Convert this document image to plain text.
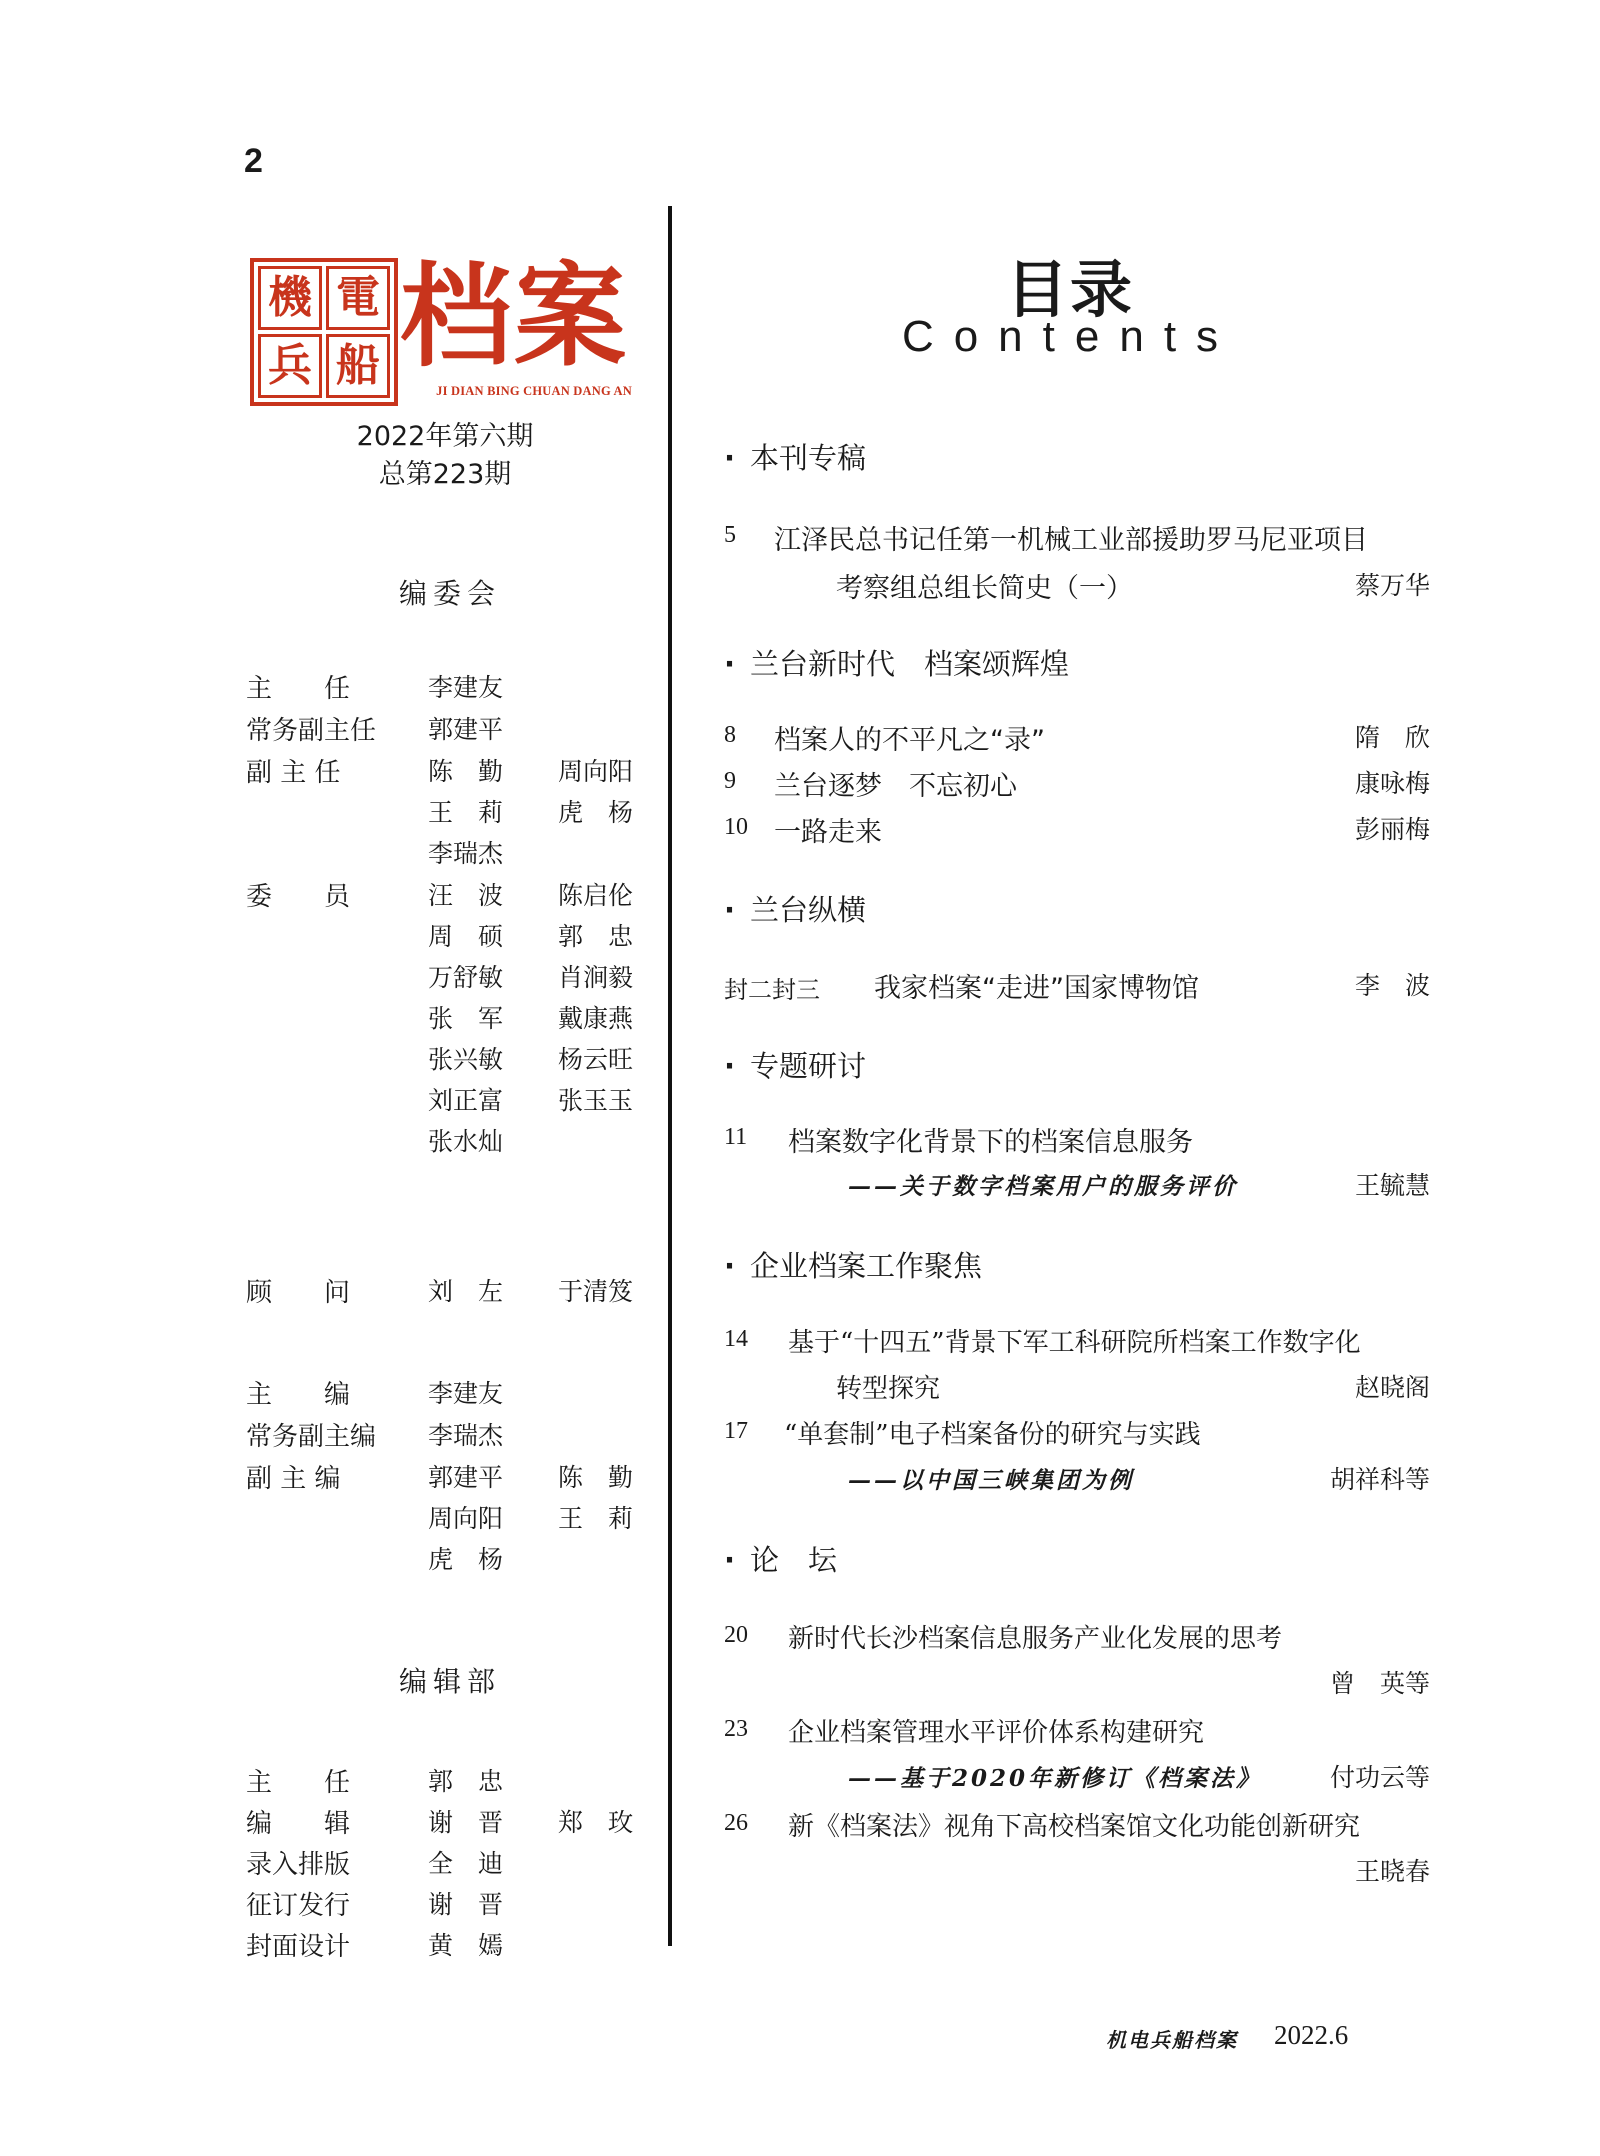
2
機 電
兵 船 档案
JI DIAN BING CHUAN DANG AN
2022年第六期
总第223期
编委会
主　　任	李建友
常务副主任	郭建平
副 主 任	陈　勤	周向阳
王　莉	虎　杨
李瑞杰
委　　员	汪　波	陈启伦
周　硕	郭　忠
万舒敏	肖涧毅
张　军	戴康燕
张兴敏	杨云旺
刘正富	张玉玉
张水灿
顾　　问	刘　左	于清笈
主　　编	李建友
常务副主编	李瑞杰
副 主 编	郭建平	陈　勤
周向阳	王　莉
虎　杨
编辑部
主　　任	郭　忠
编　　辑	谢　晋	郑　玫
录入排版	全　迪
征订发行	谢　晋
封面设计	黄　嫣
目录
Contents
· 本刊专稿
5	江泽民总书记任第一机械工业部援助罗马尼亚项目
考察组总组长简史（一）	蔡万华
· 兰台新时代　档案颂辉煌
8	档案人的不平凡之“录”	隋　欣
9	兰台逐梦　不忘初心	康咏梅
10 一路走来	彭丽梅
· 兰台纵横
封二封三 我家档案“走进”国家博物馆	李　波
· 专题研讨
11	档案数字化背景下的档案信息服务
——关于数字档案用户的服务评价	王毓慧
· 企业档案工作聚焦
14	基于“十四五”背景下军工科研院所档案工作数字化
转型探究	赵晓阁
17	“单套制”电子档案备份的研究与实践
——以中国三峡集团为例	胡祥科等
· 论　坛
20	新时代长沙档案信息服务产业化发展的思考
曾　英等
23	企业档案管理水平评价体系构建研究
——基于2020年新修订《档案法》	付功云等
26	新《档案法》视角下高校档案馆文化功能创新研究
王晓春
机电兵船档案 2022.6
